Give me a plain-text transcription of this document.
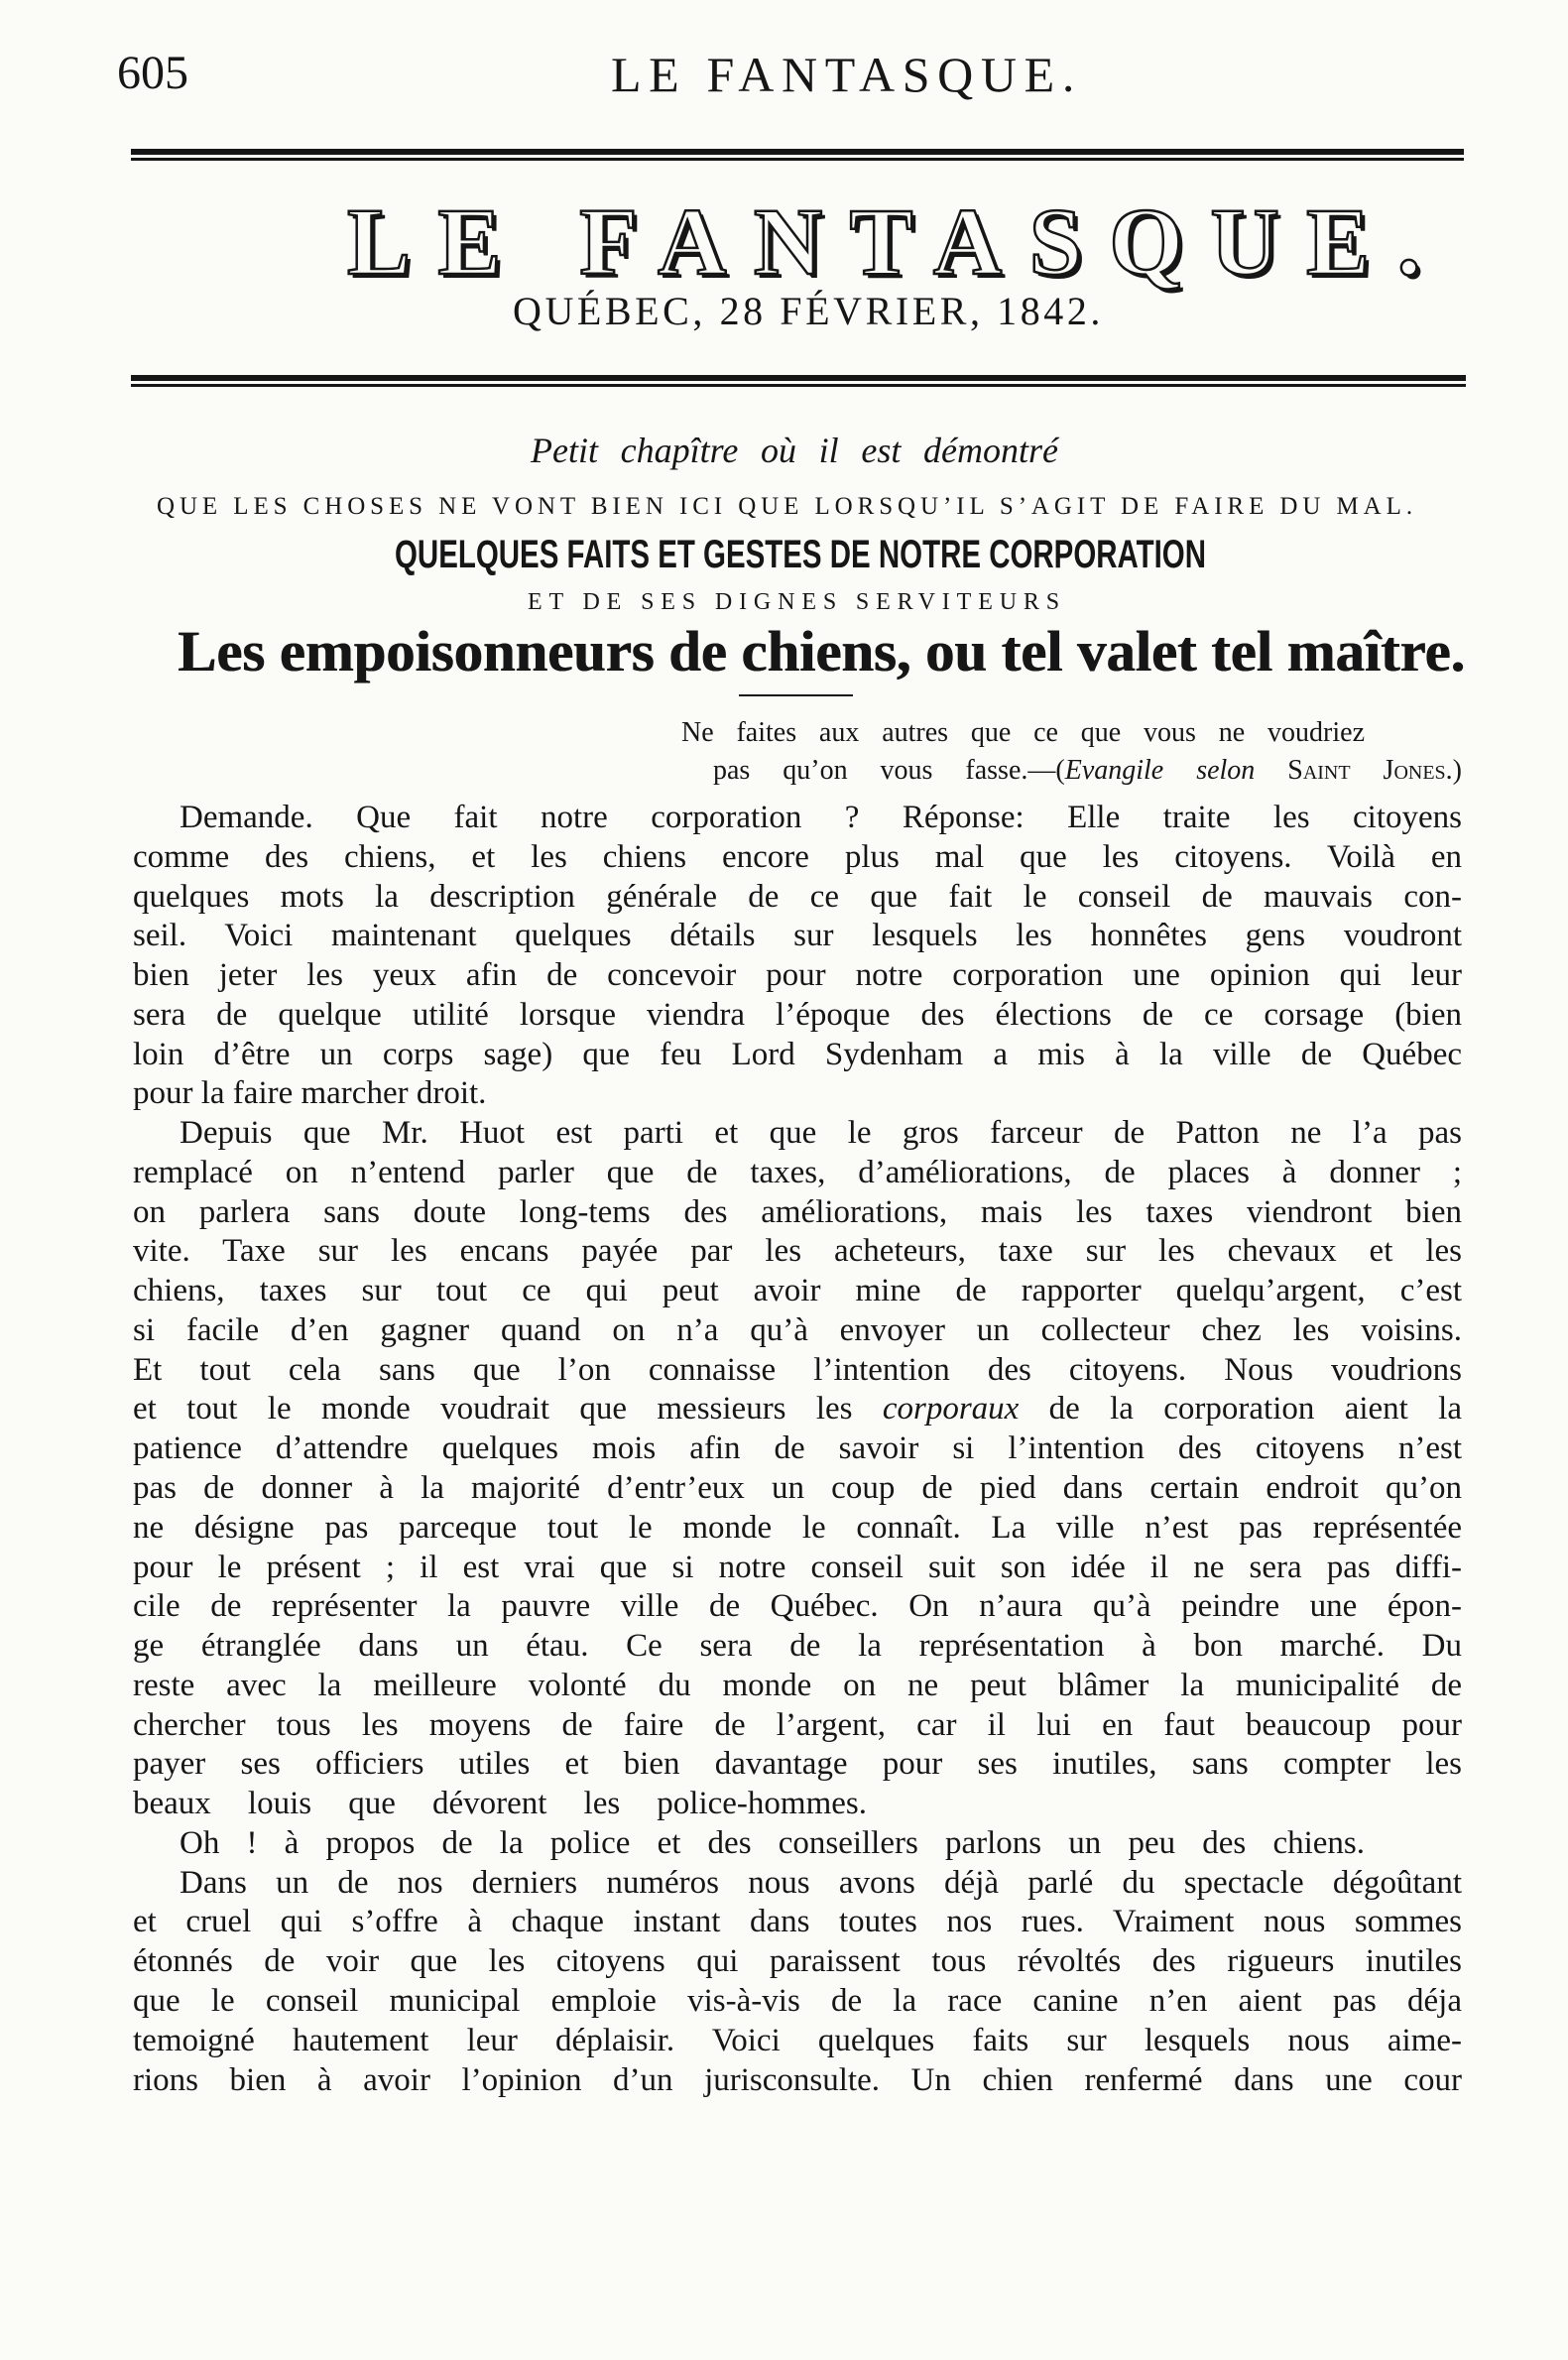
605	LE FANTASQUE.
LE FANTASQUE.
QUÉBEC, 28 FÉVRIER, 1842.
Petit chapître où il est démontré
QUE LES CHOSES NE VONT BIEN ICI QUE LORSQU’IL S’AGIT DE FAIRE DU MAL.
QUELQUES FAITS ET GESTES DE NOTRE CORPORATION
ET DE SES DIGNES SERVITEURS
Les empoisonneurs de chiens, ou tel valet tel maître.
Ne faites aux autres que ce que vous ne voudriez
pas qu’on vous fasse.—(Evangile selon Saint Jones.)
Demande. Que fait notre corporation ? Réponse: Elle traite les citoyens
comme des chiens, et les chiens encore plus mal que les citoyens. Voilà en
quelques mots la description générale de ce que fait le conseil de mauvais con-
seil. Voici maintenant quelques détails sur lesquels les honnêtes gens voudront
bien jeter les yeux afin de concevoir pour notre corporation une opinion qui leur
sera de quelque utilité lorsque viendra l’époque des élections de ce corsage (bien
loin d’être un corps sage) que feu Lord Sydenham a mis à la ville de Québec
pour la faire marcher droit.
Depuis que Mr. Huot est parti et que le gros farceur de Patton ne l’a pas
remplacé on n’entend parler que de taxes, d’améliorations, de places à donner ;
on parlera sans doute long-tems des améliorations, mais les taxes viendront bien
vite. Taxe sur les encans payée par les acheteurs, taxe sur les chevaux et les
chiens, taxes sur tout ce qui peut avoir mine de rapporter quelqu’argent, c’est
si facile d’en gagner quand on n’a qu’à envoyer un collecteur chez les voisins.
Et tout cela sans que l’on connaisse l’intention des citoyens. Nous voudrions
et tout le monde voudrait que messieurs les corporaux de la corporation aient la
patience d’attendre quelques mois afin de savoir si l’intention des citoyens n’est
pas de donner à la majorité d’entr’eux un coup de pied dans certain endroit qu’on
ne désigne pas parceque tout le monde le connaît. La ville n’est pas représentée
pour le présent ; il est vrai que si notre conseil suit son idée il ne sera pas diffi-
cile de représenter la pauvre ville de Québec. On n’aura qu’à peindre une épon-
ge étranglée dans un étau. Ce sera de la représentation à bon marché. Du
reste avec la meilleure volonté du monde on ne peut blâmer la municipalité de
chercher tous les moyens de faire de l’argent, car il lui en faut beaucoup pour
payer ses officiers utiles et bien davantage pour ses inutiles, sans compter les
beaux louis que dévorent les police-hommes.
Oh ! à propos de la police et des conseillers parlons un peu des chiens.
Dans un de nos derniers numéros nous avons déjà parlé du spectacle dégoûtant
et cruel qui s’offre à chaque instant dans toutes nos rues. Vraiment nous sommes
étonnés de voir que les citoyens qui paraissent tous révoltés des rigueurs inutiles
que le conseil municipal emploie vis-à-vis de la race canine n’en aient pas déja
temoigné hautement leur déplaisir. Voici quelques faits sur lesquels nous aime-
rions bien à avoir l’opinion d’un jurisconsulte. Un chien renfermé dans une cour
